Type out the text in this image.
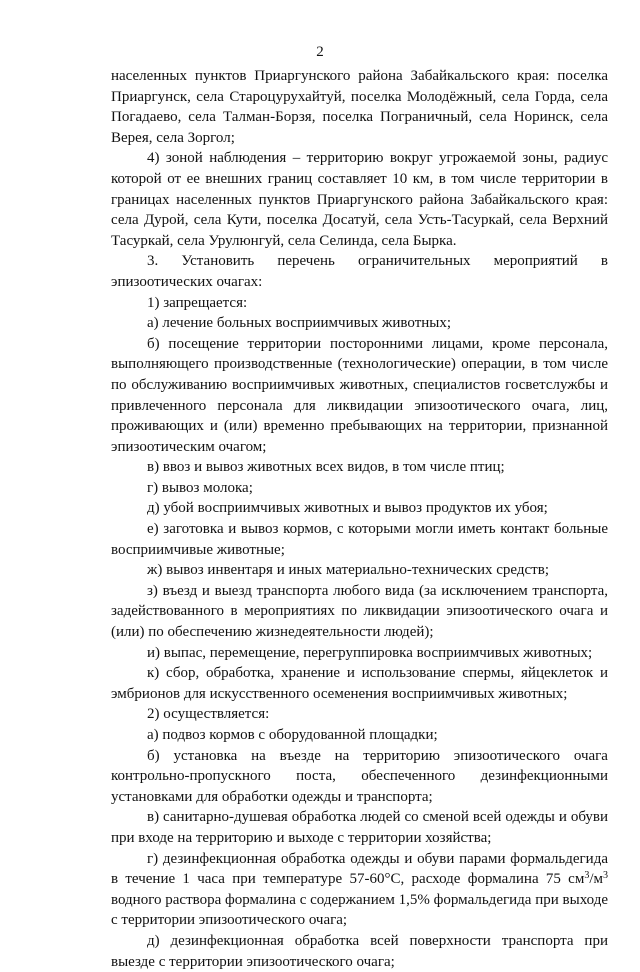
2

населенных пунктов Приаргунского района Забайкальского края: поселка Приаргунск, села Староцурухайтуй, поселка Молодёжный, села Горда, села Погадаево, села Талман-Борзя, поселка Пограничный, села Норинск, села Верея, села Зоргол;

4) зоной наблюдения – территорию вокруг угрожаемой зоны, радиус которой от ее внешних границ составляет 10 км, в том числе территории в границах населенных пунктов Приаргунского района Забайкальского края: села Дурой, села Кути, поселка Досатуй, села Усть-Тасуркай, села Верхний Тасуркай, села Урулюнгуй, села Селинда, села Бырка.

3. Установить перечень ограничительных мероприятий в

эпизоотических очагах:

1) запрещается:

а) лечение больных восприимчивых животных;

б) посещение территории посторонними лицами, кроме персонала, выполняющего производственные (технологические) операции, в том числе по обслуживанию восприимчивых животных, специалистов госветслужбы и привлеченного персонала для ликвидации эпизоотического очага, лиц, проживающих и (или) временно пребывающих на территории, признанной эпизоотическим очагом;

в) ввоз и вывоз животных всех видов, в том числе птиц;

г) вывоз молока;

д) убой восприимчивых животных и вывоз продуктов их убоя;

е) заготовка и вывоз кормов, с которыми могли иметь контакт больные восприимчивые животные;

ж) вывоз инвентаря и иных материально-технических средств;

з) въезд и выезд транспорта любого вида (за исключением транспорта, задействованного в мероприятиях по ликвидации эпизоотического очага и (или) по обеспечению жизнедеятельности людей);

и) выпас, перемещение, перегруппировка восприимчивых животных;

к) сбор, обработка, хранение и использование спермы, яйцеклеток и эмбрионов для искусственного осеменения восприимчивых животных;

2) осуществляется:

а) подвоз кормов с оборудованной площадки;

б) установка на въезде на территорию эпизоотического очага
контрольно-пропускного поста, обеспеченного дезинфекционными

установками для обработки одежды и транспорта;

в) санитарно-душевая обработка людей со сменой всей одежды и обуви при входе на территорию и выходе с территории хозяйства;

г) дезинфекционная обработка одежды и обуви парами формальдегида в течение 1 часа при температуре 57-60°С, расходе формалина 75 $см^3/м^3$ водного раствора формалина с содержанием 1,5% формальдегида при выходе с территории эпизоотического очага;

д) дезинфекционная обработка всей поверхности транспорта при выезде с территории эпизоотического очага;
